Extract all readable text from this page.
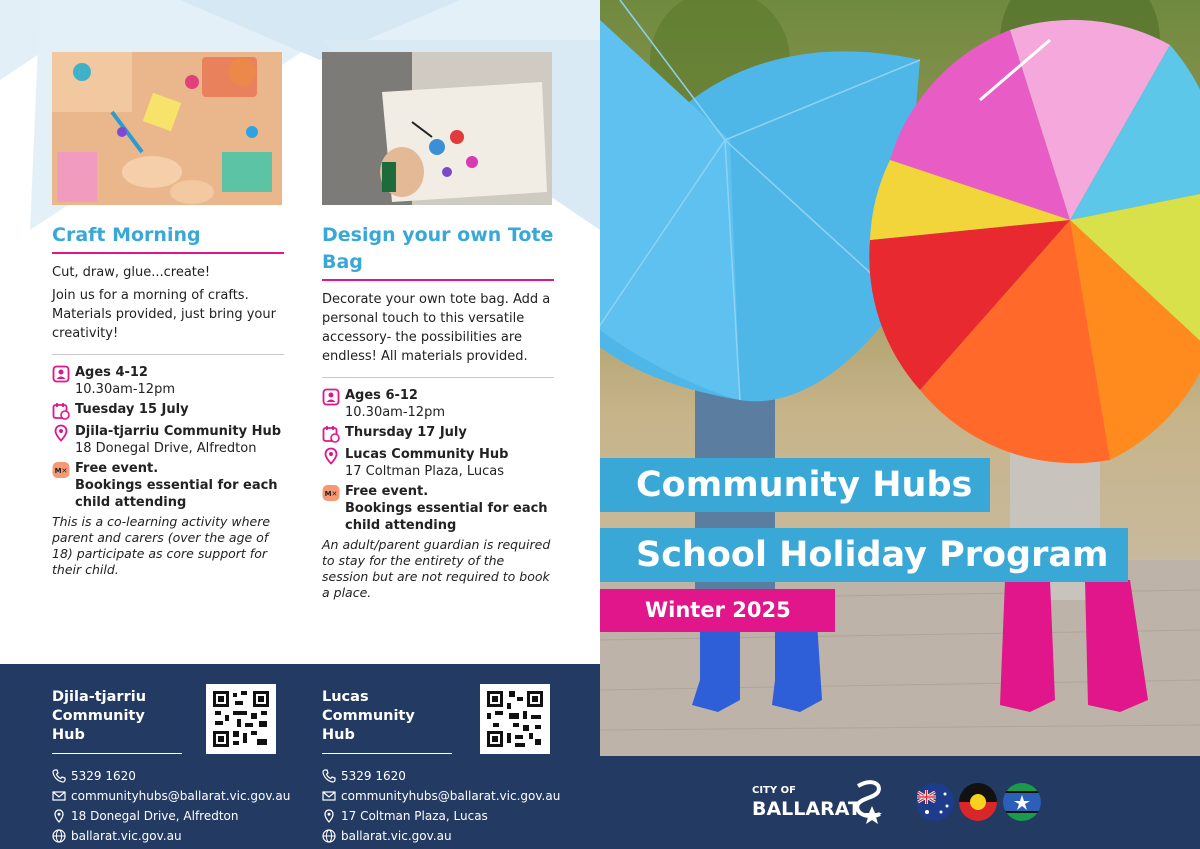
Craft Morning

Cut, draw, glue...create!

Join us for a morning of crafts. Materials provided, just bring your creativity!

Ages 4-12
10.30am-12pm
Tuesday 15 July
Djila-tjarriu Community Hub
18 Donegal Drive, Alfredton
M✕ Free event.
Bookings essential for each child attending
This is a co-learning activity where parent and carers (over the age of 18) participate as core support for their child.
Design your own Tote Bag

Decorate your own tote bag. Add a personal touch to this versatile accessory- the possibilities are endless! All materials provided.

Ages 6-12
10.30am-12pm
Thursday 17 July
Lucas Community Hub
17 Coltman Plaza, Lucas
M✕ Free event.
Bookings essential for each child attending
An adult/parent guardian is required to stay for the entirety of the session but are not required to book a place.
Djila-tjarriu Community Hub
5329 1620
communityhubs@ballarat.vic.gov.au
18 Donegal Drive, Alfredton
ballarat.vic.gov.au
Lucas Community Hub
5329 1620
communityhubs@ballarat.vic.gov.au
17 Coltman Plaza, Lucas
ballarat.vic.gov.au
Community Hubs
School Holiday Program
Winter 2025
CITY OF
BALLARAT
